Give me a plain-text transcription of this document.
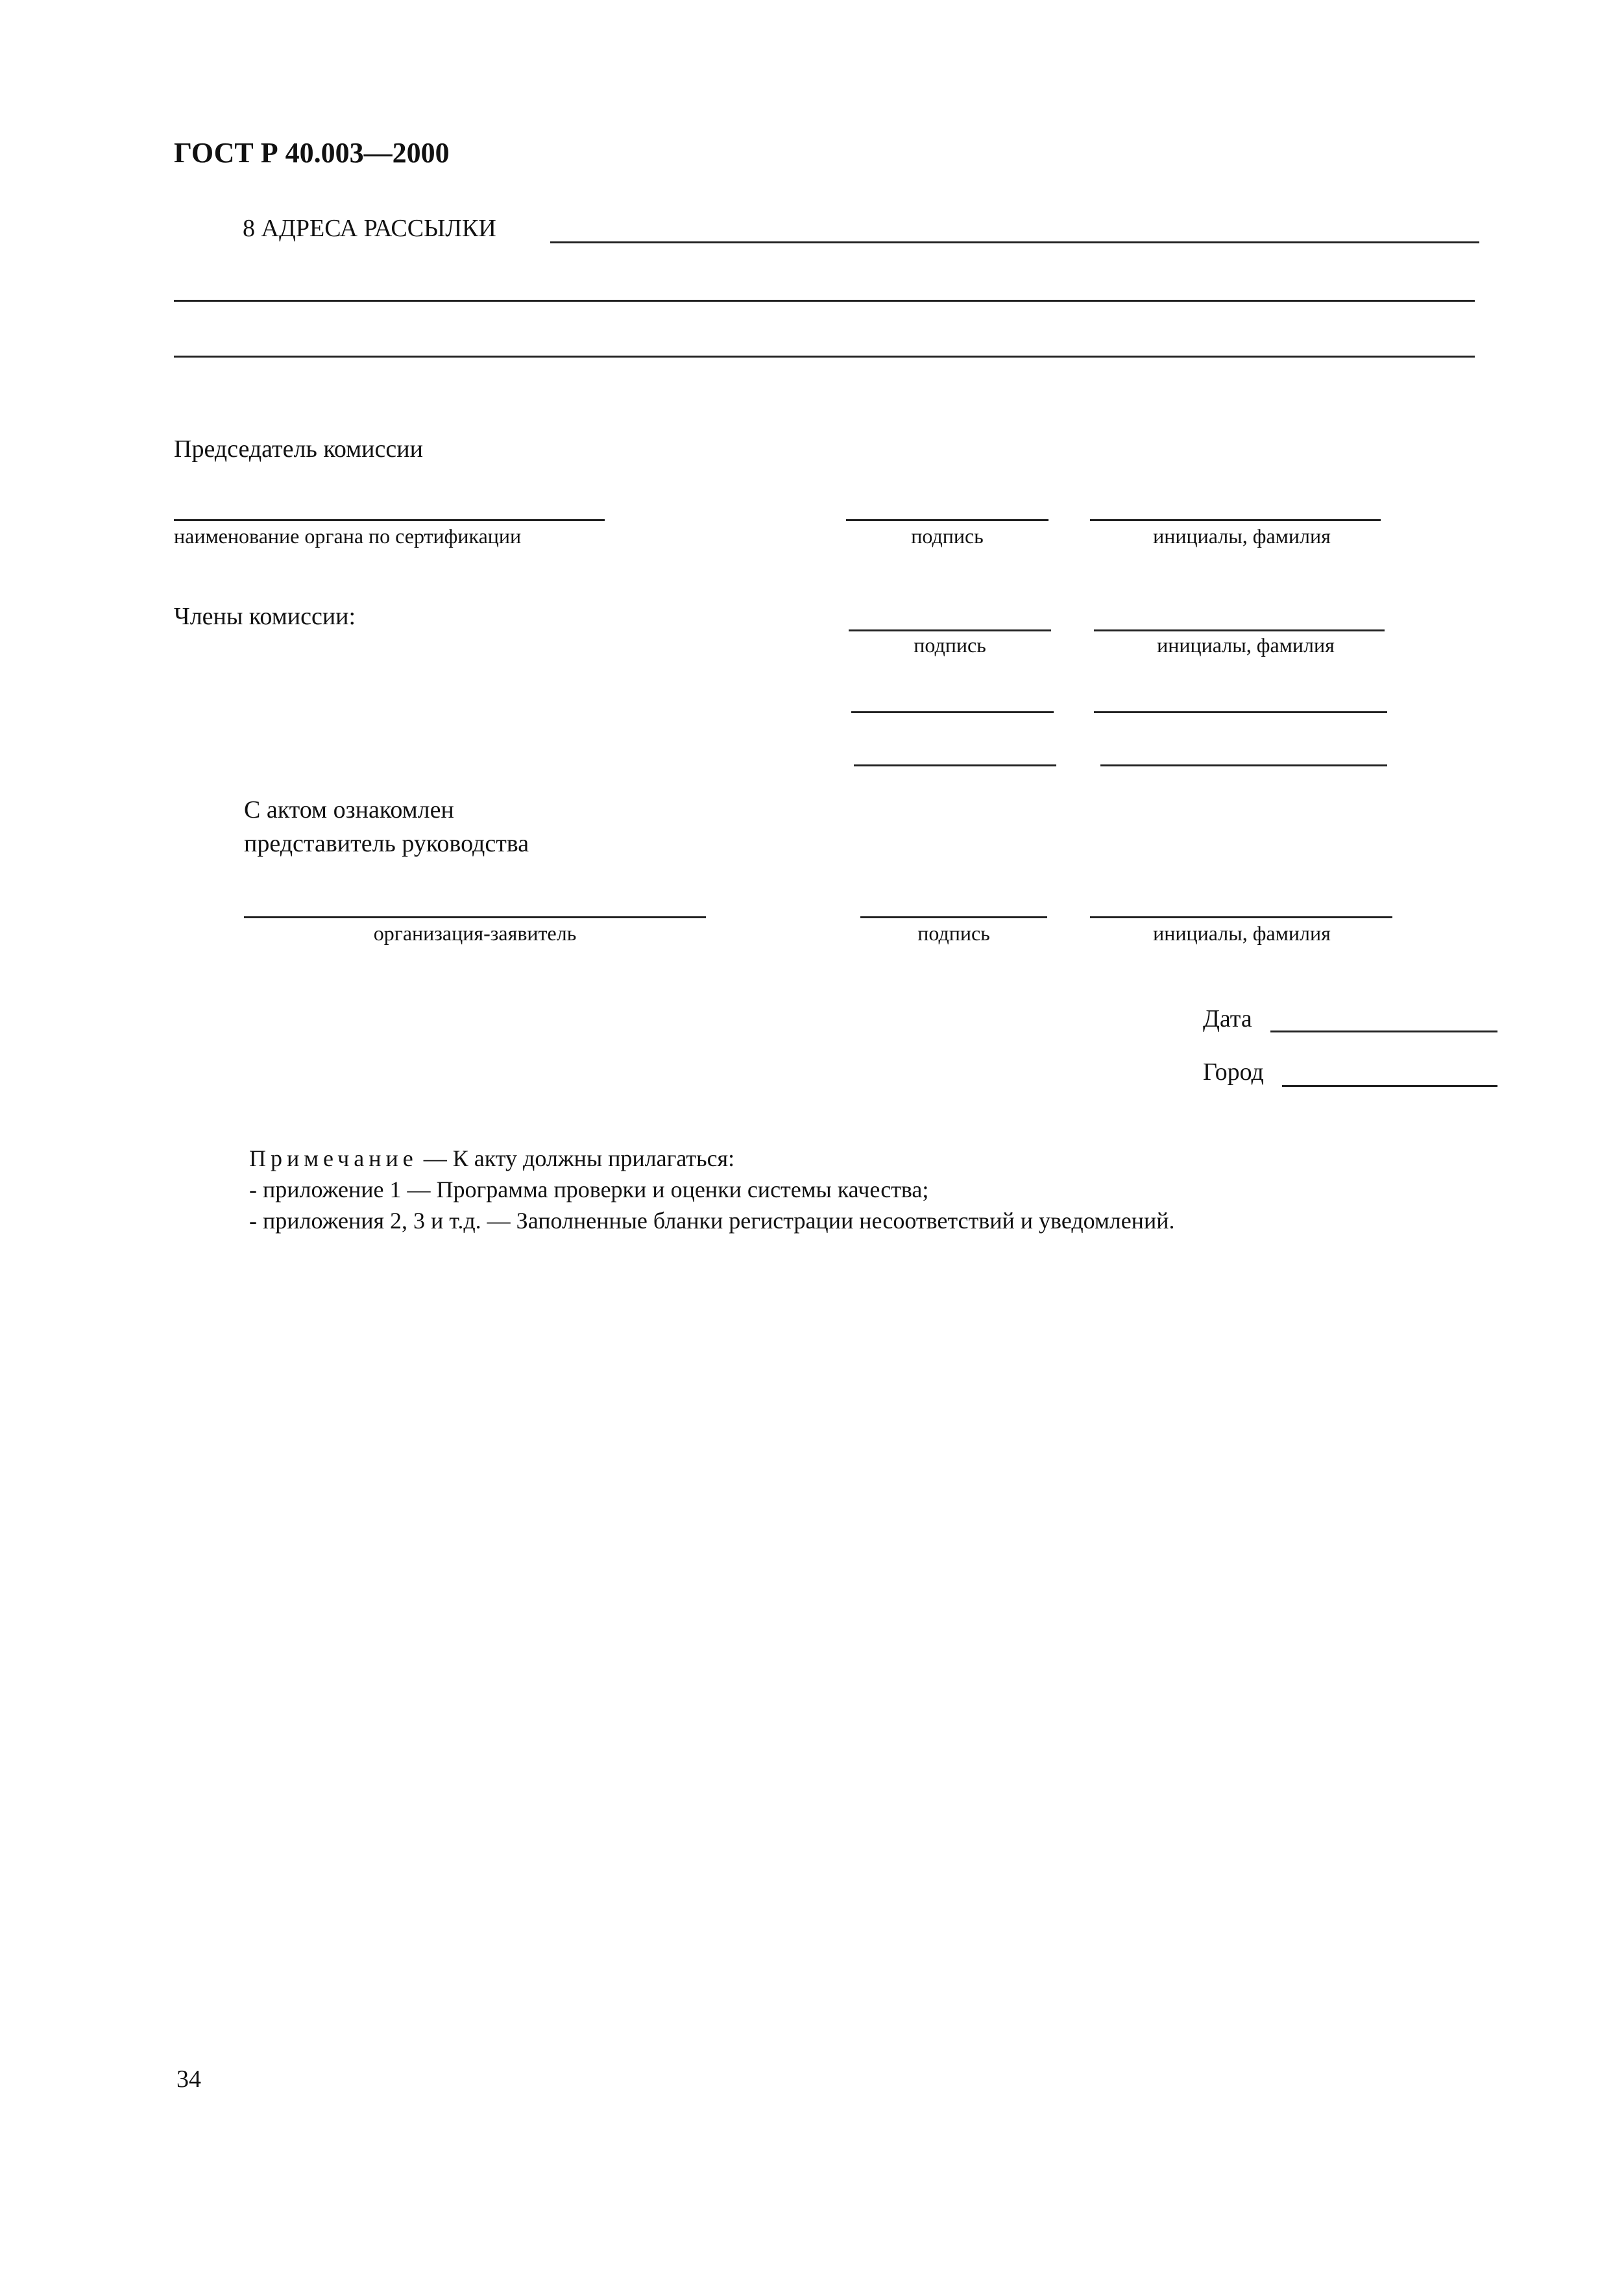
ГОСТ Р 40.003—2000
8 АДРЕСА РАССЫЛКИ
Председатель комиссии
наименование органа по сертификации	подпись	инициалы, фамилия
Члены комиссии:
подпись	инициалы, фамилия
С актом ознакомлен
представитель руководства
организация-заявитель	подпись	инициалы, фамилия
Дата
Город
Примечание — К акту должны прилагаться:
- приложение 1 — Программа проверки и оценки системы качества;
- приложения 2, 3 и т.д. — Заполненные бланки регистрации несоответствий и уведомлений.
34
